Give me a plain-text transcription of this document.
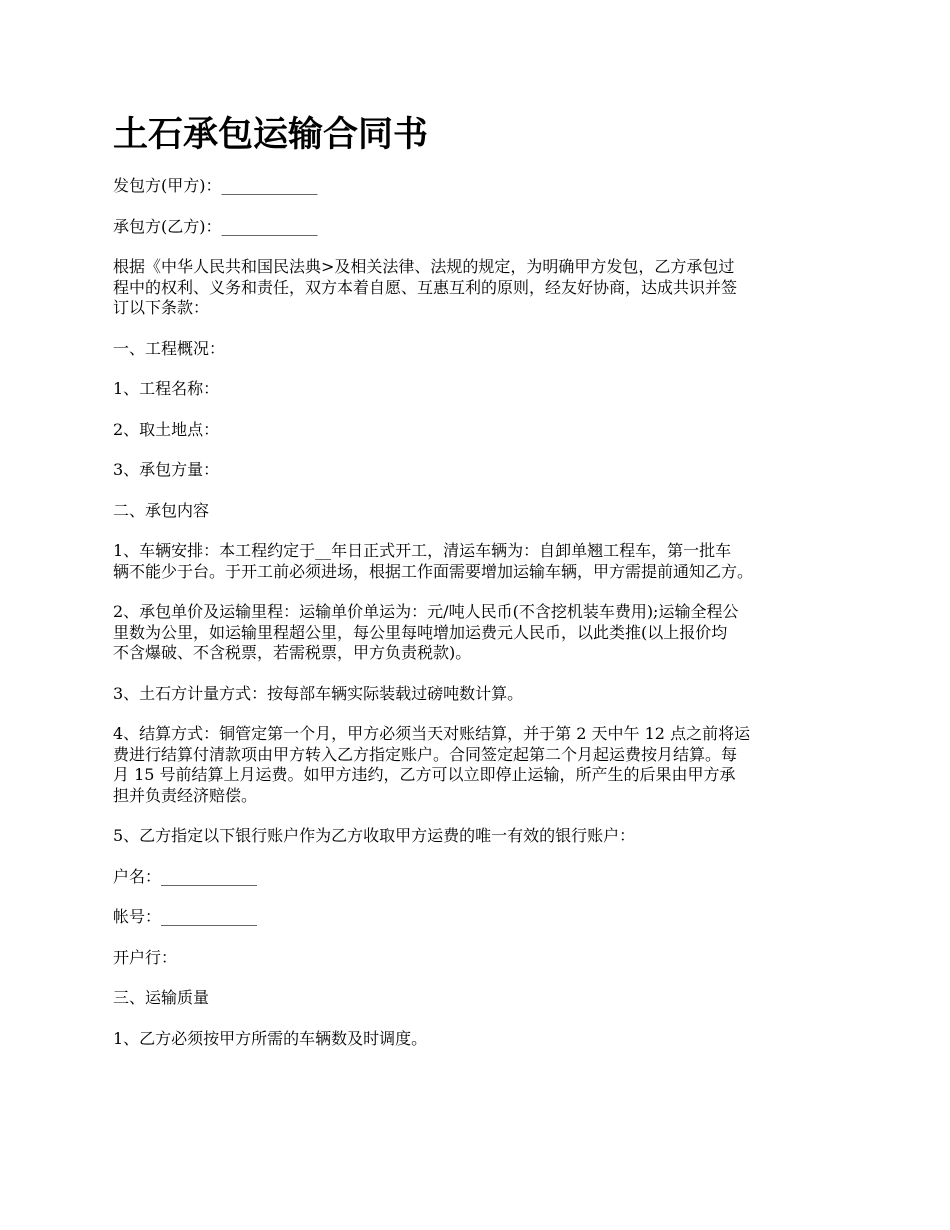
土石承包运输合同书

发包方(甲方)：____________

承包方(乙方)：____________

根据《中华人民共和国民法典>及相关法律、法规的规定，为明确甲方发包，乙方承包过
程中的权利、义务和责任，双方本着自愿、互惠互利的原则，经友好协商，达成共识并签
订以下条款：

一、工程概况：

1、工程名称：

2、取土地点：

3、承包方量：

二、承包内容

1、车辆安排：本工程约定于__年日正式开工，清运车辆为：自卸单翘工程车，第一批车
辆不能少于台。于开工前必须进场，根据工作面需要增加运输车辆，甲方需提前通知乙方。

2、承包单价及运输里程：运输单价单运为：元/吨人民币(不含挖机装车费用);运输全程公
里数为公里，如运输里程超公里，每公里每吨增加运费元人民币，以此类推(以上报价均
不含爆破、不含税票，若需税票，甲方负责税款)。

3、土石方计量方式：按每部车辆实际装载过磅吨数计算。

4、结算方式：铜管定第一个月，甲方必须当天对账结算，并于第 2 天中午 12 点之前将运
费进行结算付清款项由甲方转入乙方指定账户。合同签定起第二个月起运费按月结算。每
月 15 号前结算上月运费。如甲方违约，乙方可以立即停止运输，所产生的后果由甲方承
担并负责经济赔偿。

5、乙方指定以下银行账户作为乙方收取甲方运费的唯一有效的银行账户：

户名：____________

帐号：____________

开户行：

三、运输质量

1、乙方必须按甲方所需的车辆数及时调度。
